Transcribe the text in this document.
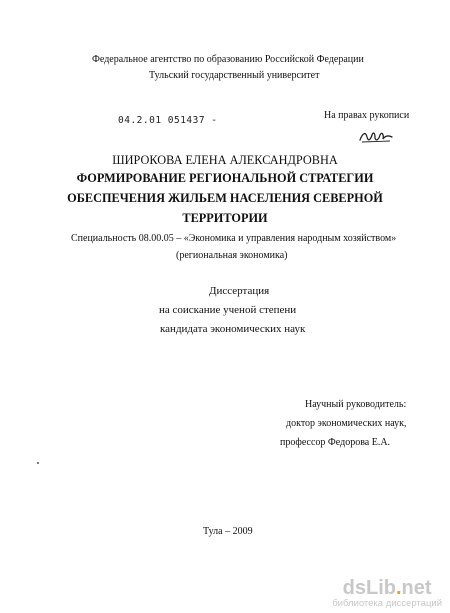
Федеральное агентство по образованию Российской Федерации
Тульский государственный университет
На правах рукописи
04.2.01 051437 -
ШИРОКОВА ЕЛЕНА АЛЕКСАНДРОВНА
ФОРМИРОВАНИЕ РЕГИОНАЛЬНОЙ СТРАТЕГИИ
ОБЕСПЕЧЕНИЯ ЖИЛЬЕМ НАСЕЛЕНИЯ СЕВЕРНОЙ
ТЕРРИТОРИИ
Специальность 08.00.05 – «Экономика и управления народным хозяйством»
(региональная экономика)
Диссертация
на соискание ученой степени
кандидата экономических наук
Научный руководитель:
доктор экономических наук,
профессор Федорова Е.А.
Тула – 2009
dsLib.net
библиотека диссертаций
